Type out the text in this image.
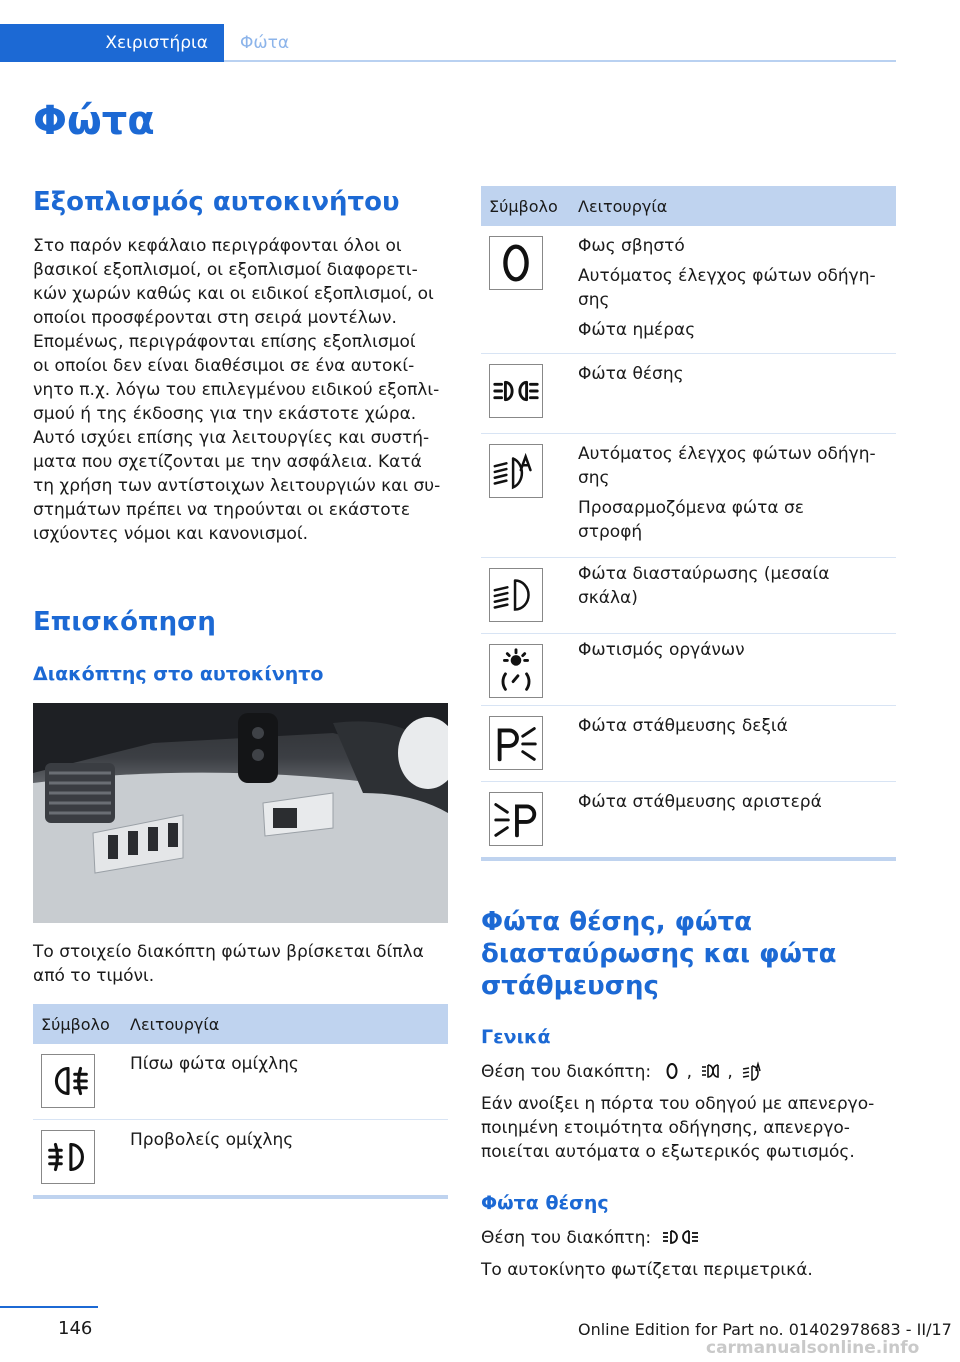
Χειριστήρια Φώτα
Φώτα
Εξοπλισμός αυτοκινήτου
Στο παρόν κεφάλαιο περιγράφονται όλοι οι
βασικοί εξοπλισμοί, οι εξοπλισμοί διαφορετι-
κών χωρών καθώς και οι ειδικοί εξοπλισμοί, οι
οποίοι προσφέρονται στη σειρά μοντέλων.
Επομένως, περιγράφονται επίσης εξοπλισμοί
οι οποίοι δεν είναι διαθέσιμοι σε ένα αυτοκί-
νητο π.χ. λόγω του επιλεγμένου ειδικού εξοπλι-
σμού ή της έκδοσης για την εκάστοτε χώρα.
Αυτό ισχύει επίσης για λειτουργίες και συστή-
ματα που σχετίζονται με την ασφάλεια. Κατά
τη χρήση των αντίστοιχων λειτουργιών και συ-
στημάτων πρέπει να τηρούνται οι εκάστοτε
ισχύοντες νόμοι και κανονισμοί.
Επισκόπηση
Διακόπτης στο αυτοκίνητο
Το στοιχείο διακόπτη φώτων βρίσκεται δίπλα
από το τιμόνι.
Σύμβολο Λειτουργία
Πίσω φώτα ομίχλης
Προβολείς ομίχλης
Σύμβολο Λειτουργία
Φως σβηστό
Αυτόματος έλεγχος φώτων οδήγη-
σης
Φώτα ημέρας
Φώτα θέσης
Αυτόματος έλεγχος φώτων οδήγη-
σης
Προσαρμοζόμενα φώτα σε
στροφή
Φώτα διασταύρωσης (μεσαία
σκάλα)
Φωτισμός οργάνων
Φώτα στάθμευσης δεξιά
Φώτα στάθμευσης αριστερά
Φώτα θέσης, φώτα
διασταύρωσης και φώτα
στάθμευσης
Γενικά
Θέση του διακόπτη: , ,
Εάν ανοίξει η πόρτα του οδηγού με απενεργο-
ποιημένη ετοιμότητα οδήγησης, απενεργο-
ποιείται αυτόματα ο εξωτερικός φωτισμός.
Φώτα θέσης
Θέση του διακόπτη:
Το αυτοκίνητο φωτίζεται περιμετρικά.
146	Online Edition for Part no. 01402978683 - II/17
carmanualsonline.info
